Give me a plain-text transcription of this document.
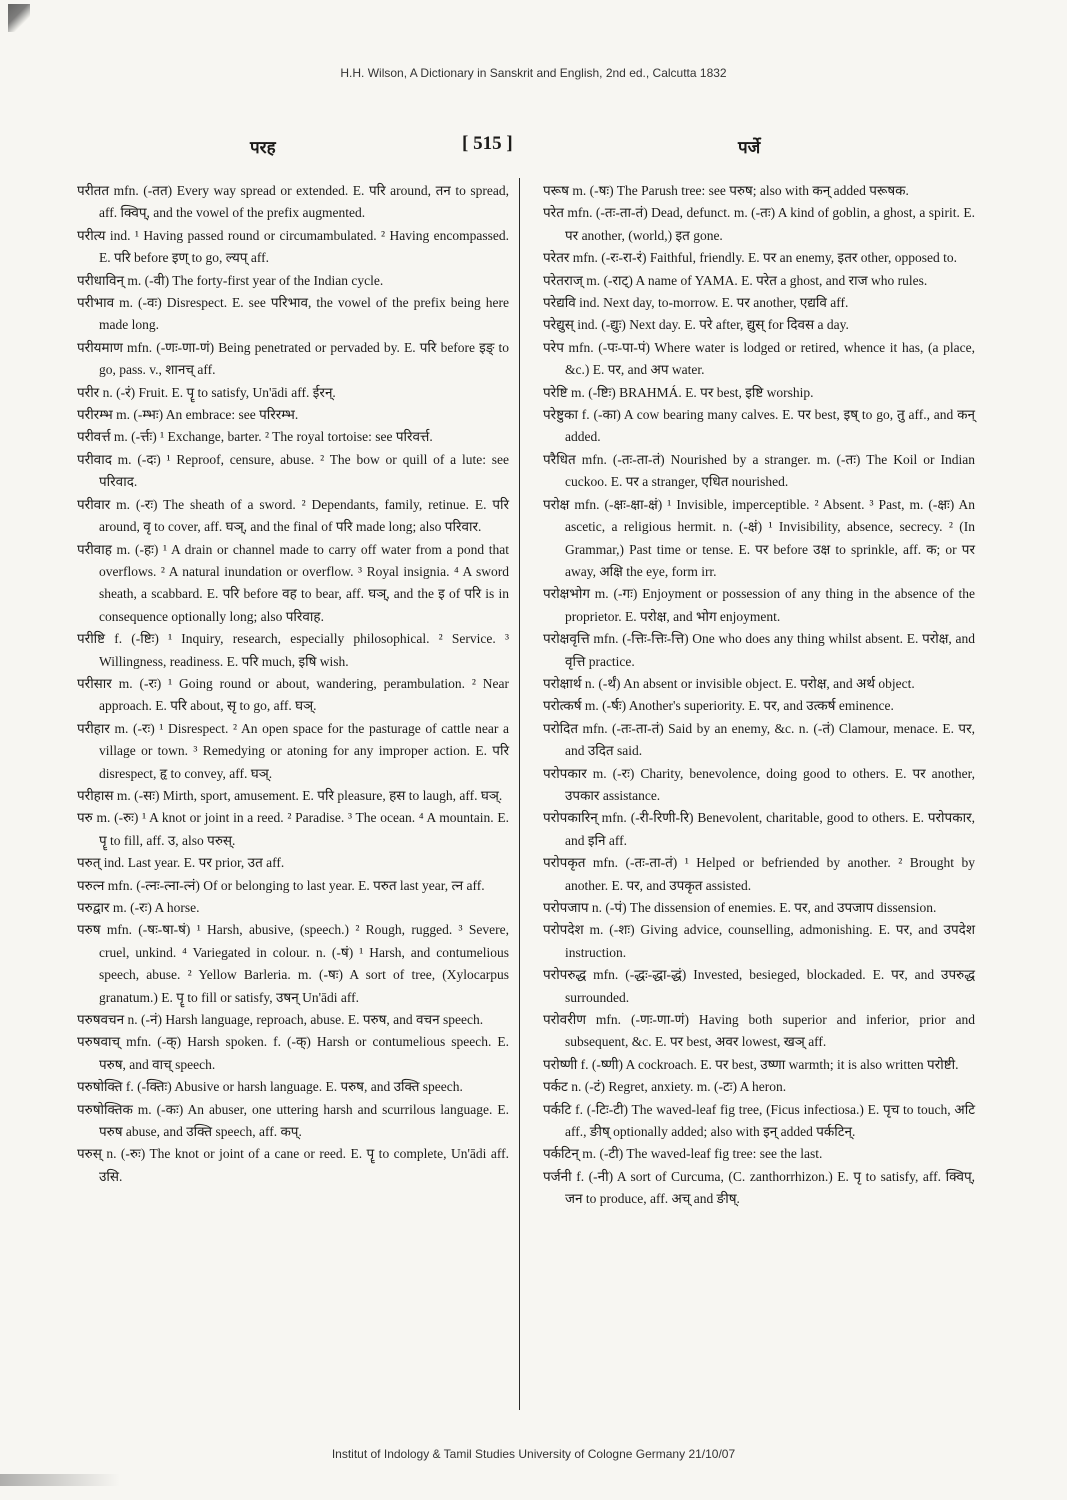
H.H. Wilson, A Dictionary in Sanskrit and English, 2nd ed., Calcutta 1832
परह	[ 515 ]	पर्जे

परीतत mfn. (-तत) Every way spread or extended. E. परि around, तन to spread, aff. क्विप्, and the vowel of the prefix augmented.

परीत्य ind. ¹ Having passed round or circumambulated. ² Having encompassed. E. परि before इण् to go, ल्यप् aff.

परीधाविन् m. (-वी) The forty-first year of the Indian cycle.

परीभाव m. (-वः) Disrespect. E. see परिभाव, the vowel of the prefix being here made long.

परीयमाण mfn. (-णः-णा-णं) Being penetrated or pervaded by. E. परि before इङ् to go, pass. v., शानच् aff.

परीर n. (-रं) Fruit. E. पॄ to satisfy, Un'ādi aff. ईरन्.

परीरम्भ m. (-म्भः) An embrace: see परिरम्भ.

परीवर्त्त m. (-र्त्तः) ¹ Exchange, barter. ² The royal tortoise: see परिवर्त्त.

परीवाद m. (-दः) ¹ Reproof, censure, abuse. ² The bow or quill of a lute: see परिवाद.

परीवार m. (-रः) The sheath of a sword. ² Dependants, family, retinue. E. परि around, वृ to cover, aff. घञ्, and the final of परि made long; also परिवार.

परीवाह m. (-हः) ¹ A drain or channel made to carry off water from a pond that overflows. ² A natural inundation or overflow. ³ Royal insignia. ⁴ A sword sheath, a scabbard. E. परि before वह to bear, aff. घञ्, and the इ of परि is in consequence optionally long; also परिवाह.

परीष्टि f. (-ष्टिः) ¹ Inquiry, research, especially philosophical. ² Service. ³ Willingness, readiness. E. परि much, इषि wish.

परीसार m. (-रः) ¹ Going round or about, wandering, perambulation. ² Near approach. E. परि about, सृ to go, aff. घञ्.

परीहार m. (-रः) ¹ Disrespect. ² An open space for the pasturage of cattle near a village or town. ³ Remedying or atoning for any improper action. E. परि disrespect, हृ to convey, aff. घञ्.

परीहास m. (-सः) Mirth, sport, amusement. E. परि pleasure, हस to laugh, aff. घञ्.

परु m. (-रुः) ¹ A knot or joint in a reed. ² Paradise. ³ The ocean. ⁴ A mountain. E. पॄ to fill, aff. उ, also परुस्.

परुत् ind. Last year. E. पर prior, उत aff.

परुत्न mfn. (-त्नः-त्ना-त्नं) Of or belonging to last year. E. परुत last year, त्न aff.

परुद्वार m. (-रः) A horse.

परुष mfn. (-षः-षा-षं) ¹ Harsh, abusive, (speech.) ² Rough, rugged. ³ Severe, cruel, unkind. ⁴ Variegated in colour. n. (-षं) ¹ Harsh, and contumelious speech, abuse. ² Yellow Barleria. m. (-षः) A sort of tree, (Xylocarpus granatum.) E. पॄ to fill or satisfy, उषन् Un'ādi aff.

परुषवचन n. (-नं) Harsh language, reproach, abuse. E. परुष, and वचन speech.

परुषवाच् mfn. (-क्) Harsh spoken. f. (-क्) Harsh or contumelious speech. E. परुष, and वाच् speech.

परुषोक्ति f. (-क्तिः) Abusive or harsh language. E. परुष, and उक्ति speech.

परुषोक्तिक m. (-कः) An abuser, one uttering harsh and scurrilous language. E. परुष abuse, and उक्ति speech, aff. कप्.

परुस् n. (-रुः) The knot or joint of a cane or reed. E. पॄ to complete, Un'ādi aff. उसि.

परूष m. (-षः) The Parush tree: see परुष; also with कन् added परूषक.

परेत mfn. (-तः-ता-तं) Dead, defunct. m. (-तः) A kind of goblin, a ghost, a spirit. E. पर another, (world,) इत gone.

परेतर mfn. (-रः-रा-रं) Faithful, friendly. E. पर an enemy, इतर other, opposed to.

परेतराज् m. (-राट्) A name of YAMA. E. परेत a ghost, and राज who rules.

परेद्यवि ind. Next day, to-morrow. E. पर another, एद्यवि aff.

परेद्युस् ind. (-द्युः) Next day. E. परे after, द्युस् for दिवस a day.

परेप mfn. (-पः-पा-पं) Where water is lodged or retired, whence it has, (a place, &c.) E. पर, and अप water.

परेष्टि m. (-ष्टिः) BRAHMÁ. E. पर best, इष्टि worship.

परेष्टुका f. (-का) A cow bearing many calves. E. पर best, इष् to go, तु aff., and कन् added.

परैधित mfn. (-तः-ता-तं) Nourished by a stranger. m. (-तः) The Koil or Indian cuckoo. E. पर a stranger, एधित nourished.

परोक्ष mfn. (-क्षः-क्षा-क्षं) ¹ Invisible, imperceptible. ² Absent. ³ Past, m. (-क्षः) An ascetic, a religious hermit. n. (-क्षं) ¹ Invisibility, absence, secrecy. ² (In Grammar,) Past time or tense. E. पर before उक्ष to sprinkle, aff. क; or पर away, अक्षि the eye, form irr.

परोक्षभोग m. (-गः) Enjoyment or possession of any thing in the absence of the proprietor. E. परोक्ष, and भोग enjoyment.

परोक्षवृत्ति mfn. (-त्तिः-त्तिः-त्ति) One who does any thing whilst absent. E. परोक्ष, and वृत्ति practice.

परोक्षार्थ n. (-र्थं) An absent or invisible object. E. परोक्ष, and अर्थ object.

परोत्कर्ष m. (-र्षः) Another's superiority. E. पर, and उत्कर्ष eminence.

परोदित mfn. (-तः-ता-तं) Said by an enemy, &c. n. (-तं) Clamour, menace. E. पर, and उदित said.

परोपकार m. (-रः) Charity, benevolence, doing good to others. E. पर another, उपकार assistance.

परोपकारिन् mfn. (-री-रिणी-रि) Benevolent, charitable, good to others. E. परोपकार, and इनि aff.

परोपकृत mfn. (-तः-ता-तं) ¹ Helped or befriended by another. ² Brought by another. E. पर, and उपकृत assisted.

परोपजाप n. (-पं) The dissension of enemies. E. पर, and उपजाप dissension.

परोपदेश m. (-शः) Giving advice, counselling, admonishing. E. पर, and उपदेश instruction.

परोपरुद्ध mfn. (-द्धः-द्धा-द्धं) Invested, besieged, blockaded. E. पर, and उपरुद्ध surrounded.

परोवरीण mfn. (-णः-णा-णं) Having both superior and inferior, prior and subsequent, &c. E. पर best, अवर lowest, खञ् aff.

परोष्णी f. (-ष्णी) A cockroach. E. पर best, उष्णा warmth; it is also written परोष्टी.

पर्कट n. (-टं) Regret, anxiety. m. (-टः) A heron.

पर्कटि f. (-टिः-टी) The waved-leaf fig tree, (Ficus infectiosa.) E. पृच to touch, अटि aff., ङीष् optionally added; also with इन् added पर्कटिन्.

पर्कटिन् m. (-टी) The waved-leaf fig tree: see the last.

पर्जनी f. (-नी) A sort of Curcuma, (C. zanthorrhizon.) E. पृ to satisfy, aff. क्विप्, जन to produce, aff. अच् and ङीष्.

Institut of Indology & Tamil Studies University of Cologne Germany 21/10/07
